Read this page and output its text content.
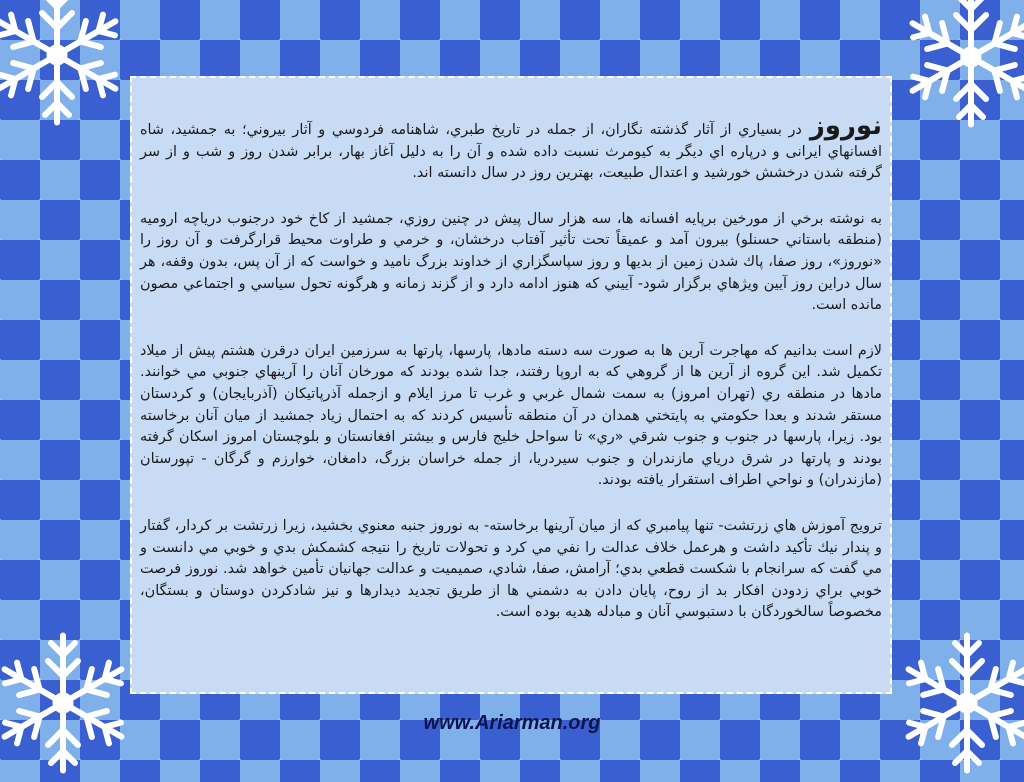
نوروزدر بسياري از آثار گذشته نگاران، از جمله در تاريخ طبري، شاهنامه فردوسي و آثار بيروني؛ به جمشيد، شاه افسانهاي ايرانى و درپاره اي ديگر به كيومرث نسبت داده شده و آن را به دليل آغاز بهار، برابر شدن روز و شب و از سر گرفته شدن درخشش خورشيد و اعتدال طبيعت، بهترين روز در سال دانسته اند.

به نوشته برخي از مورخين برپايه افسانه ها، سه هزار سال پيش در چنين روزي، جمشيد از كاخ خود درجنوب درياچه اروميه (منطقه باستاني حسنلو) بيرون آمد و عميقاً تحت تأثير آفتاب درخشان، و خرمي و طراوت محيط قرارگرفت و آن روز را «نوروز»، روز صفا، پاك شدن زمين از بديها و روز سپاسگزاري از خداوند بزرگ ناميد و خواست كه از آن پس، بدون وقفه، هر سال دراين روز آيين ويژهاي برگزار شود- آييني كه هنوز ادامه دارد و از گزند زمانه و هرگونه تحول سياسي و اجتماعي مصون مانده است.

لازم است بدانيم كه مهاجرت آرين ها به صورت سه دسته مادها، پارسها، پارتها به سرزمين ايران درقرن هشتم پيش از ميلاد تكميل شد. اين گروه از آرين ها از گروهي كه به اروپا رفتند، جدا شده بودند كه مورخان آنان را آرينهاي جنوبي مي خوانند. مادها در منطقه ري (تهران امروز) به سمت شمال غربي و غرب تا مرز ايلام و ازجمله آذرپاتيكان (آذربايجان) و كردستان مستقر شدند و بعدا حكومتي به پايتختي همدان در آن منطقه تأسيس كردند كه به احتمال زياد جمشيد از ميان آنان برخاسته بود. زيرا، پارسها در جنوب و جنوب شرقي «ري» تا سواحل خليج فارس و بيشتر افغانستان و بلوچستان امروز اسكان گرفته بودند و پارتها در شرق درياي مازندران و جنوب سيردريا، از جمله خراسان بزرگ، دامغان، خوارزم و گرگان - تپورستان (مازندران) و نواحي اطراف استقرار يافته بودند.

ترويج آموزش هاي زرتشت- تنها پيامبري كه از ميان آرينها برخاسته- به نوروز جنبه معنوي بخشيد، زيرا زرتشت بر كردار، گفتار و پندار نيك تأكيد داشت و هرعمل خلاف عدالت را نفي مي كرد و تحولات تاريخ را نتيجه كشمكش بدي و خوبي مي دانست و مي گفت كه سرانجام با شكست قطعي بدي؛ آرامش، صفا، شادي، صميميت و عدالت جهانيان تأمين خواهد شد. نوروز فرصت خوبي براي زدودن افكار بد از روح، پايان دادن به دشمني ها از طريق تجديد ديدارها و نيز شادكردن دوستان و بستگان، مخصوصاً سالخوردگان با دستبوسي آنان و مبادله هديه بوده است.

www.Ariarman.org
